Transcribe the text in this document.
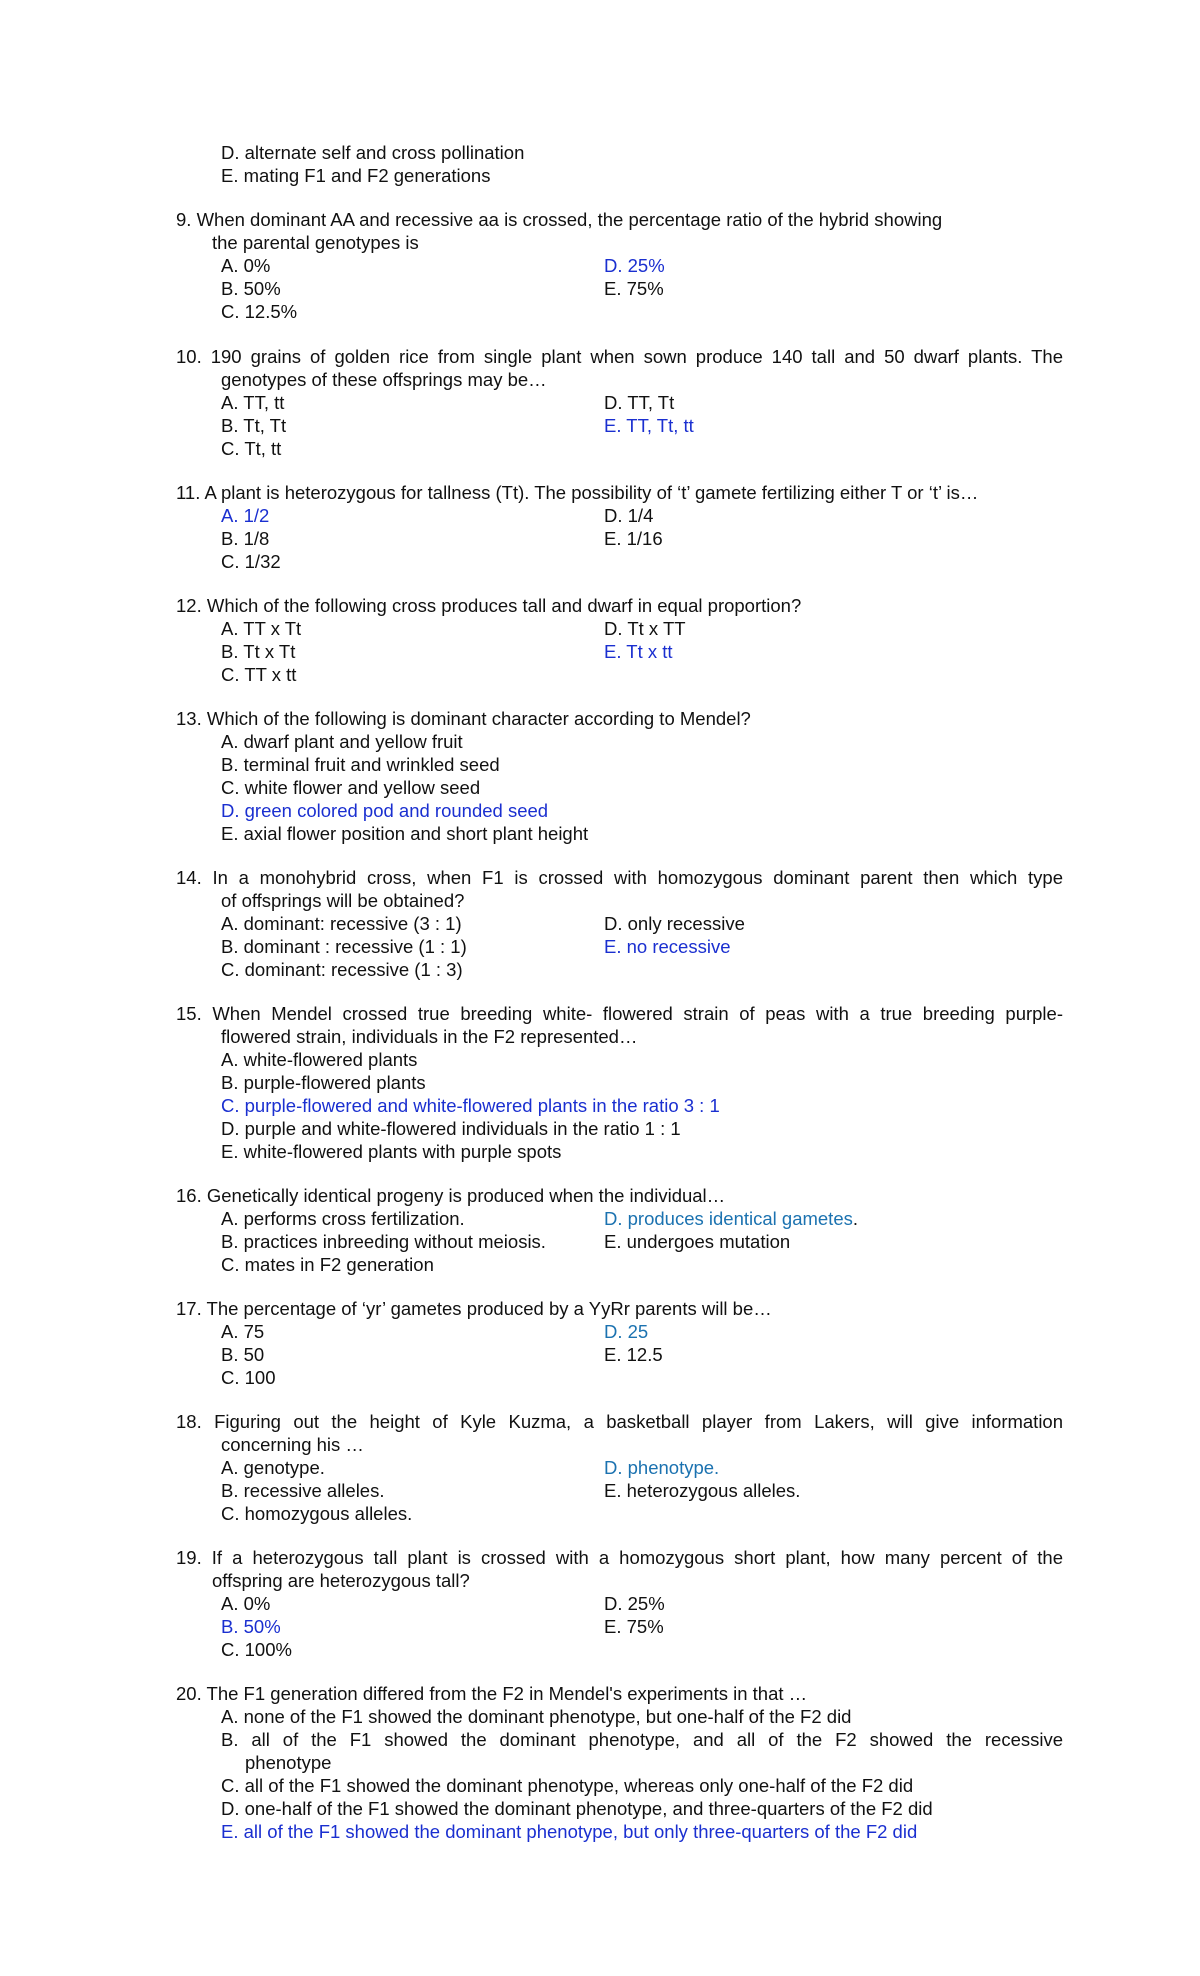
D. alternate self and cross pollination
E. mating F1 and F2 generations
9. When dominant AA and recessive aa is crossed, the percentage ratio of the hybrid showing
the parental genotypes is
A. 0%
B. 50%
C. 12.5%
D. 25%
E. 75%
10. 190 grains of golden rice from single plant when sown produce 140 tall and 50 dwarf plants. The
genotypes of these offsprings may be…
A. TT, tt
B. Tt, Tt
C. Tt, tt
D. TT, Tt
E. TT, Tt, tt
11. A plant is heterozygous for tallness (Tt). The possibility of ‘t’ gamete fertilizing either T or ‘t’ is…
A. 1/2
B. 1/8
C. 1/32
D. 1/4
E. 1/16
12. Which of the following cross produces tall and dwarf in equal proportion?
A. TT x Tt
B. Tt x Tt
C. TT x tt
D. Tt x TT
E. Tt x tt
13. Which of the following is dominant character according to Mendel?
A. dwarf plant and yellow fruit
B. terminal fruit and wrinkled seed
C. white flower and yellow seed
D. green colored pod and rounded seed
E. axial flower position and short plant height
14. In a monohybrid cross, when F1 is crossed with homozygous dominant parent then which type
of offsprings will be obtained?
A. dominant: recessive (3 : 1)
B. dominant : recessive (1 : 1)
C. dominant: recessive (1 : 3)
D. only recessive
E. no recessive
15. When Mendel crossed true breeding white- flowered strain of peas with a true breeding purple-
flowered strain, individuals in the F2 represented…
A. white-flowered plants
B. purple-flowered plants
C. purple-flowered and white-flowered plants in the ratio 3 : 1
D. purple and white-flowered individuals in the ratio 1 : 1
E. white-flowered plants with purple spots
16. Genetically identical progeny is produced when the individual…
A. performs cross fertilization.
B. practices inbreeding without meiosis.
C. mates in F2 generation
D. produces identical gametes.
E. undergoes mutation
17. The percentage of ‘yr’ gametes produced by a YyRr parents will be…
A. 75
B. 50
C. 100
D. 25
E. 12.5
18. Figuring out the height of Kyle Kuzma, a basketball player from Lakers, will give information
concerning his …
A. genotype.
B. recessive alleles.
C. homozygous alleles.
D. phenotype.
E. heterozygous alleles.
19. If a heterozygous tall plant is crossed with a homozygous short plant, how many percent of the
offspring are heterozygous tall?
A. 0%
B. 50%
C. 100%
D. 25%
E. 75%
20. The F1 generation differed from the F2 in Mendel's experiments in that …
A. none of the F1 showed the dominant phenotype, but one-half of the F2 did
B. all of the F1 showed the dominant phenotype, and all of the F2 showed the recessive
phenotype
C. all of the F1 showed the dominant phenotype, whereas only one-half of the F2 did
D. one-half of the F1 showed the dominant phenotype, and three-quarters of the F2 did
E. all of the F1 showed the dominant phenotype, but only three-quarters of the F2 did
